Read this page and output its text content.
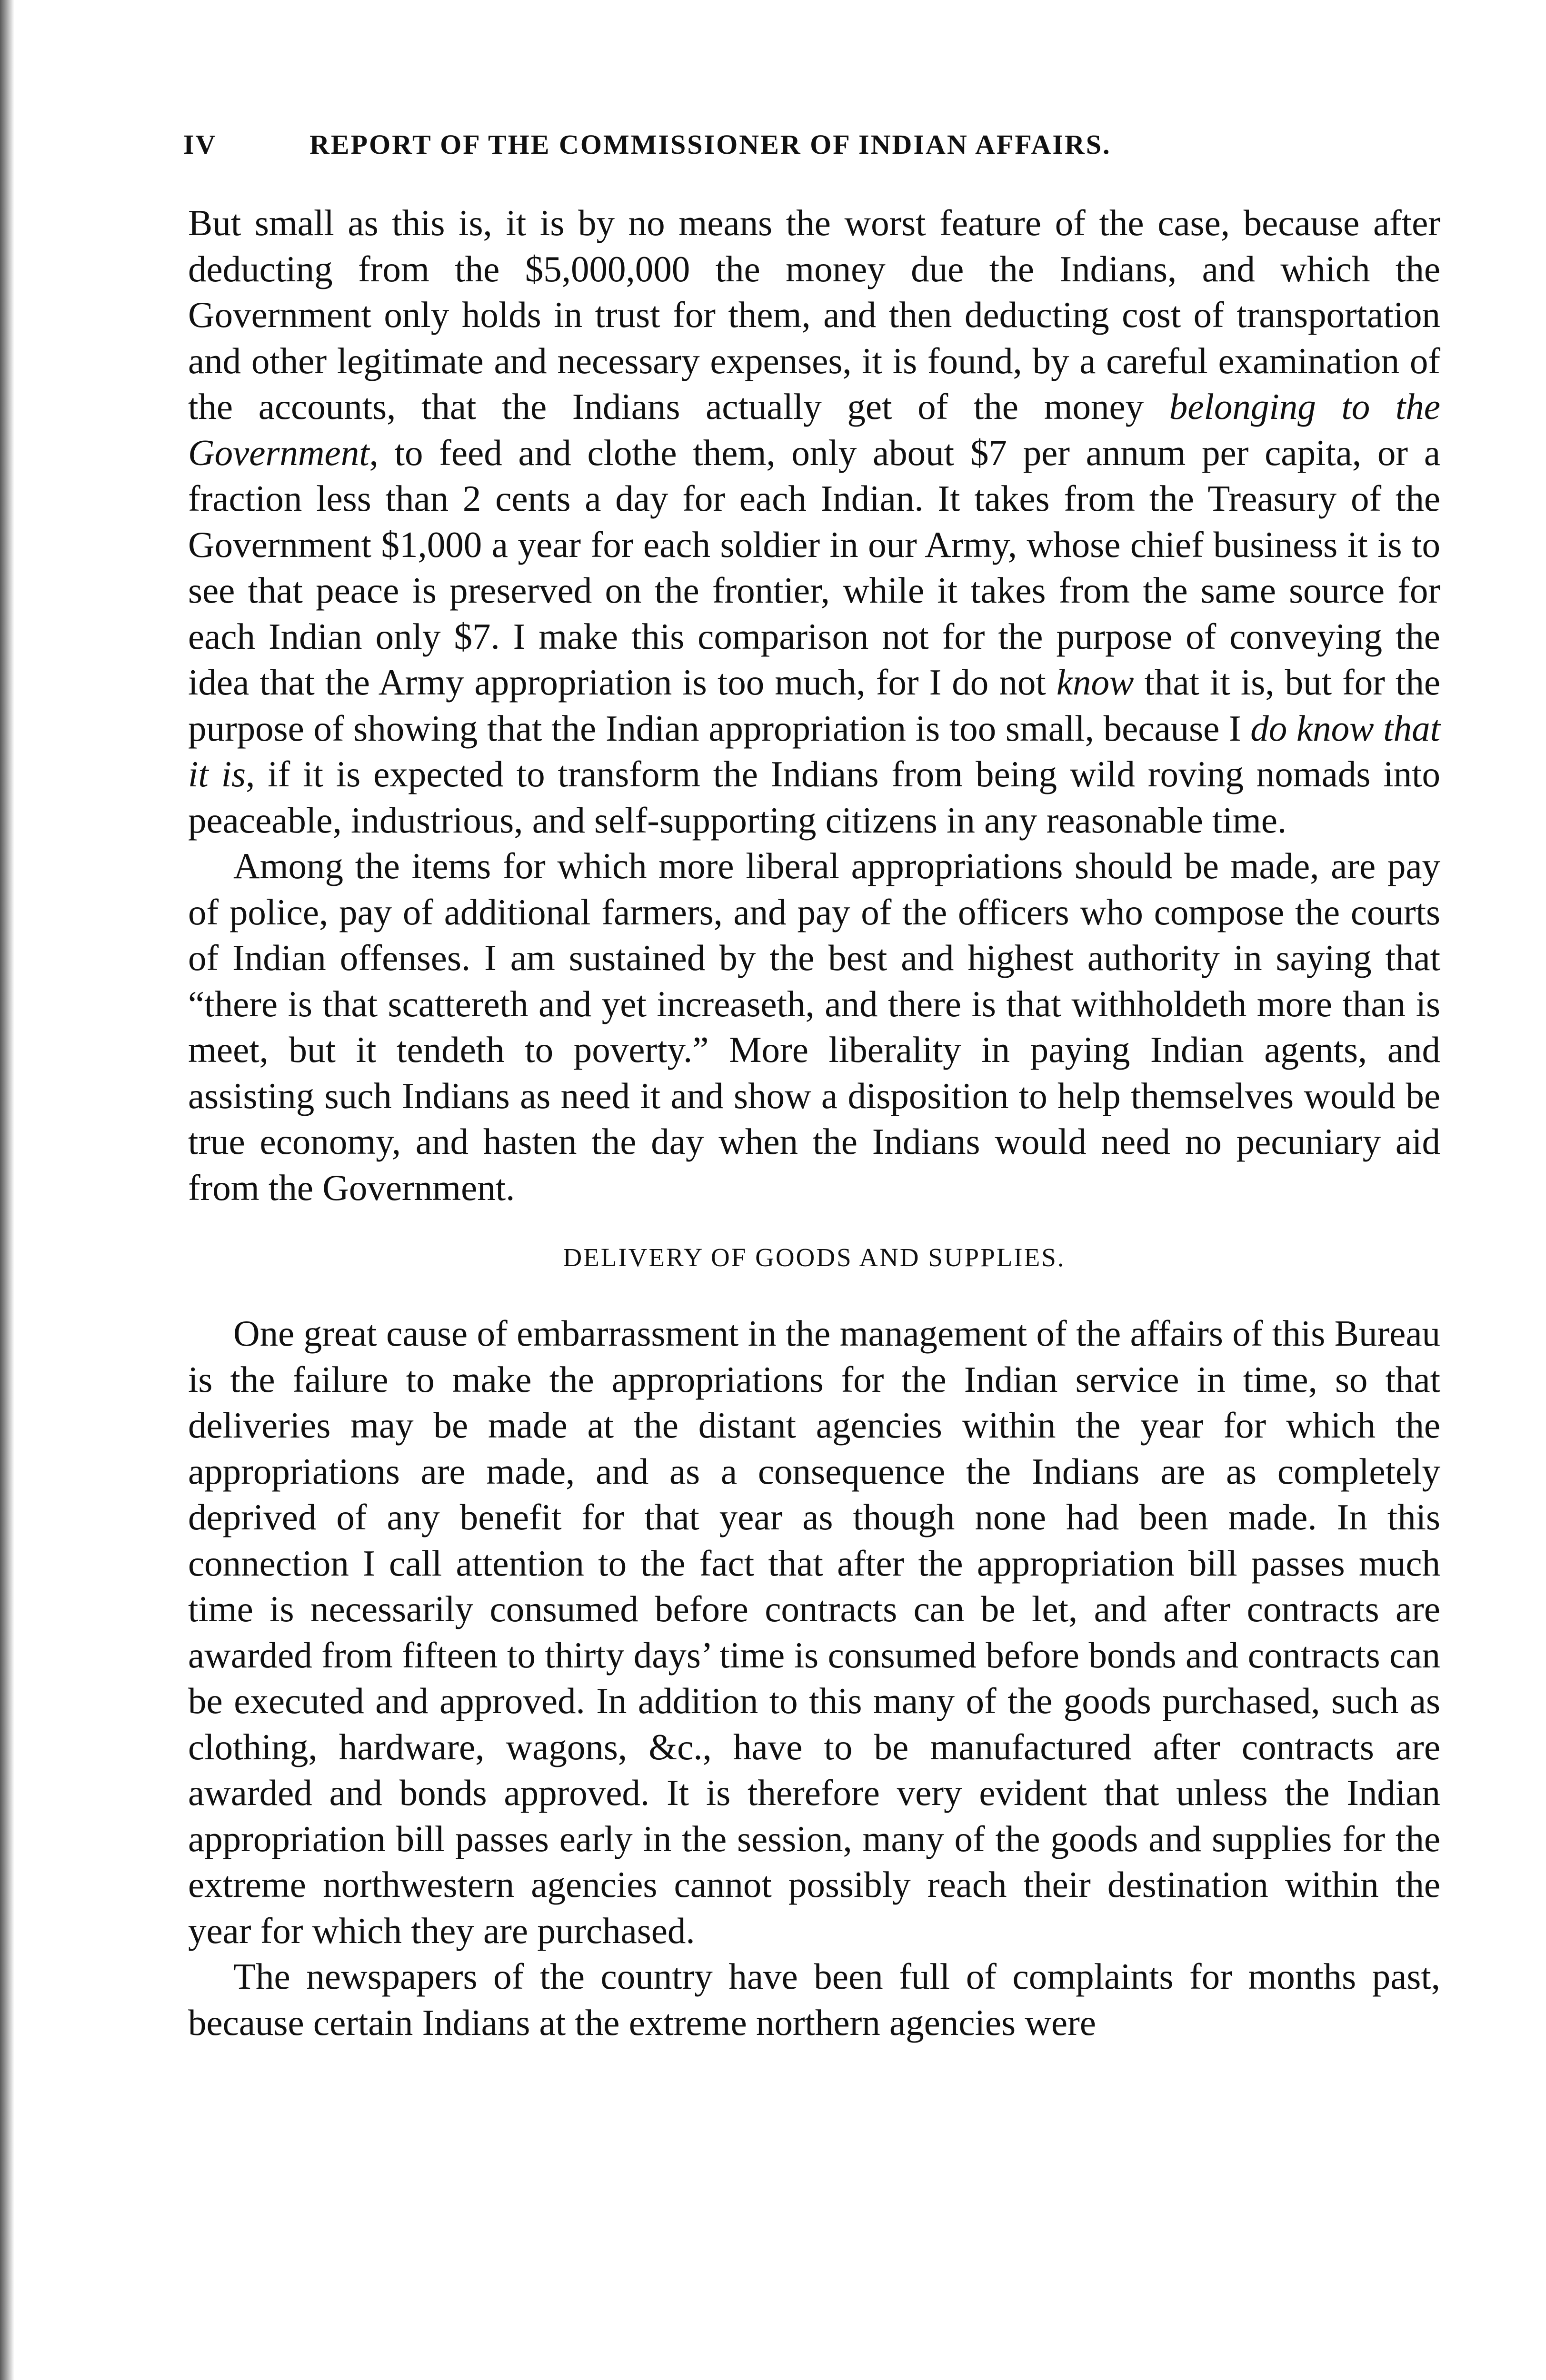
IV	REPORT OF THE COMMISSIONER OF INDIAN AFFAIRS.

But small as this is, it is by no means the worst feature of the case, because after deducting from the $5,000,000 the money due the Indians, and which the Government only holds in trust for them, and then deducting cost of transportation and other legitimate and necessary expenses, it is found, by a careful examination of the accounts, that the Indians actually get of the money belonging to the Government, to feed and clothe them, only about $7 per annum per capita, or a fraction less than 2 cents a day for each Indian. It takes from the Treasury of the Government $1,000 a year for each soldier in our Army, whose chief business it is to see that peace is preserved on the frontier, while it takes from the same source for each Indian only $7. I make this comparison not for the purpose of conveying the idea that the Army appropriation is too much, for I do not know that it is, but for the purpose of showing that the Indian appropriation is too small, because I do know that it is, if it is expected to transform the Indians from being wild roving nomads into peaceable, industrious, and self-supporting citizens in any reasonable time.

Among the items for which more liberal appropriations should be made, are pay of police, pay of additional farmers, and pay of the officers who compose the courts of Indian offenses. I am sustained by the best and highest authority in saying that “there is that scattereth and yet increaseth, and there is that withholdeth more than is meet, but it tendeth to poverty.” More liberality in paying Indian agents, and assisting such Indians as need it and show a disposition to help themselves would be true economy, and hasten the day when the Indians would need no pecuniary aid from the Government.

DELIVERY OF GOODS AND SUPPLIES.

One great cause of embarrassment in the management of the affairs of this Bureau is the failure to make the appropriations for the Indian service in time, so that deliveries may be made at the distant agencies within the year for which the appropriations are made, and as a consequence the Indians are as completely deprived of any benefit for that year as though none had been made. In this connection I call attention to the fact that after the appropriation bill passes much time is necessarily consumed before contracts can be let, and after contracts are awarded from fifteen to thirty days’ time is consumed before bonds and contracts can be executed and approved. In addition to this many of the goods purchased, such as clothing, hardware, wagons, &c., have to be manufactured after contracts are awarded and bonds approved. It is therefore very evident that unless the Indian appropriation bill passes early in the session, many of the goods and supplies for the extreme northwestern agencies cannot possibly reach their destination within the year for which they are purchased.

The newspapers of the country have been full of complaints for months past, because certain Indians at the extreme northern agencies were
